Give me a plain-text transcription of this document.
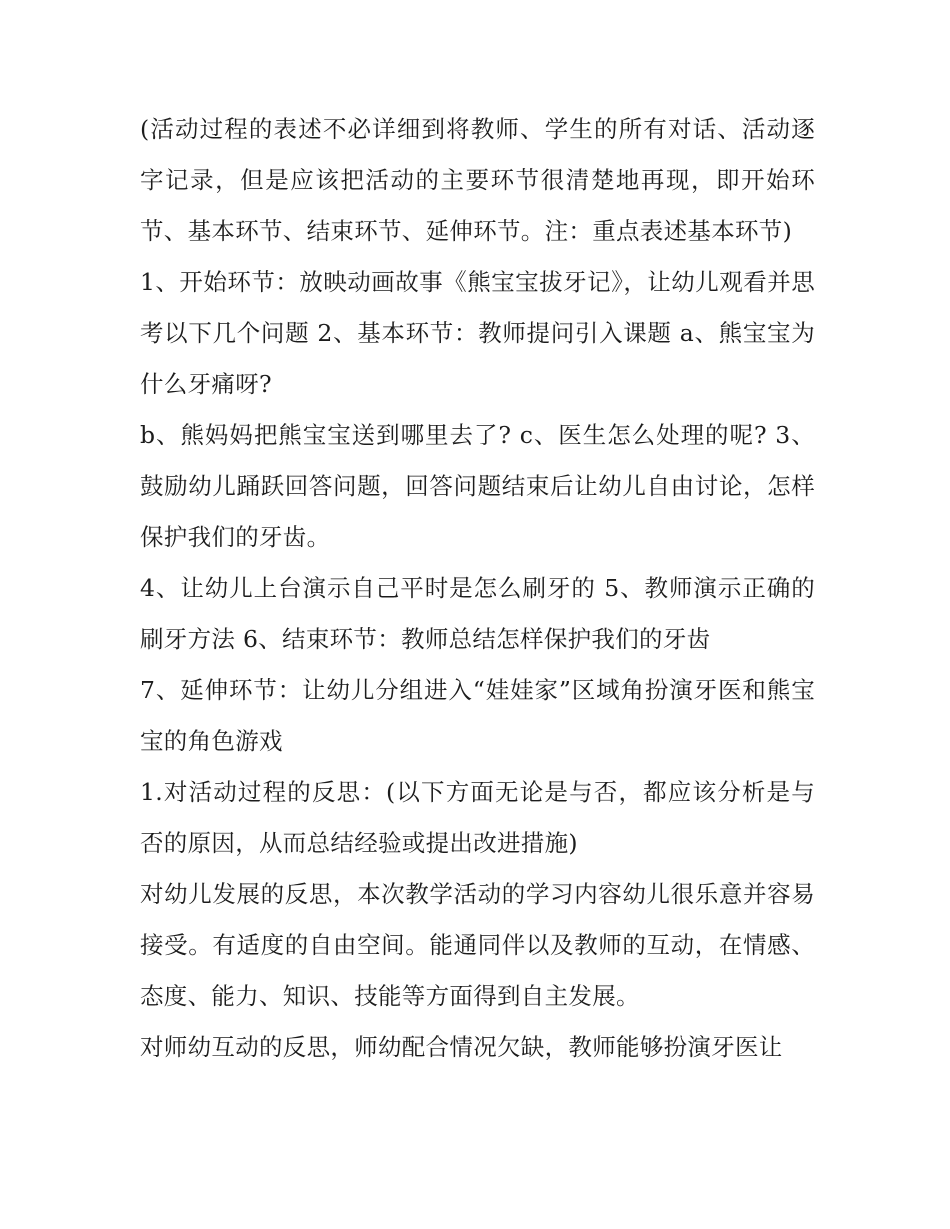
(活动过程的表述不必详细到将教师、学生的所有对话、活动逐字记录，但是应该把活动的主要环节很清楚地再现，即开始环节、基本环节、结束环节、延伸环节。注：重点表述基本环节)

1、开始环节：放映动画故事《熊宝宝拔牙记》，让幼儿观看并思考以下几个问题 2、基本环节：教师提问引入课题 a、熊宝宝为什么牙痛呀?

b、熊妈妈把熊宝宝送到哪里去了? c、医生怎么处理的呢? 3、鼓励幼儿踊跃回答问题，回答问题结束后让幼儿自由讨论，怎样保护我们的牙齿。

4、让幼儿上台演示自己平时是怎么刷牙的 5、教师演示正确的刷牙方法 6、结束环节：教师总结怎样保护我们的牙齿

7、延伸环节：让幼儿分组进入“娃娃家”区域角扮演牙医和熊宝宝的角色游戏

1.对活动过程的反思：(以下方面无论是与否，都应该分析是与否的原因，从而总结经验或提出改进措施)

对幼儿发展的反思，本次教学活动的学习内容幼儿很乐意并容易接受。有适度的自由空间。能通同伴以及教师的互动，在情感、态度、能力、知识、技能等方面得到自主发展。

对师幼互动的反思，师幼配合情况欠缺，教师能够扮演牙医让
